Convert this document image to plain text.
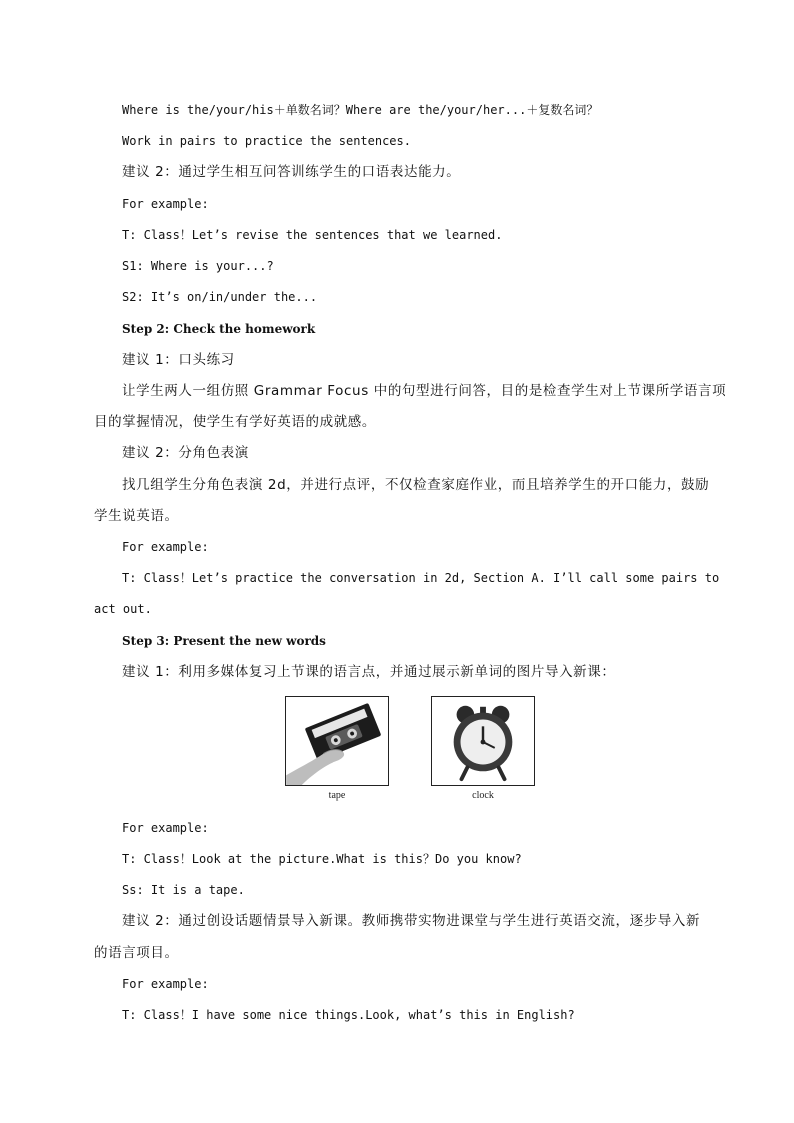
Where is the/your/his＋单数名词？Where are the/your/her...＋复数名词？
Work in pairs to practice the sentences.
建议 2：通过学生相互问答训练学生的口语表达能力。
For example:
T: Class！Let’s revise the sentences that we learned.
S1: Where is your...?
S2: It’s on/in/under the...
Step 2: Check the homework
建议 1：口头练习
让学生两人一组仿照 Grammar Focus 中的句型进行问答，目的是检查学生对上节课所学语言项
目的掌握情况，使学生有学好英语的成就感。
建议 2：分角色表演
找几组学生分角色表演 2d，并进行点评，不仅检查家庭作业，而且培养学生的开口能力，鼓励
学生说英语。
For example:
T: Class！Let’s practice the conversation in 2d, Section A. I’ll call some pairs to
act out.
Step 3: Present the new words
建议 1：利用多媒体复习上节课的语言点，并通过展示新单词的图片导入新课：
tape	clock
For example:
T: Class！Look at the picture.What is this？Do you know?
Ss: It is a tape.
建议 2：通过创设话题情景导入新课。教师携带实物进课堂与学生进行英语交流，逐步导入新
的语言项目。
For example:
T: Class！I have some nice things.Look, what’s this in English?
